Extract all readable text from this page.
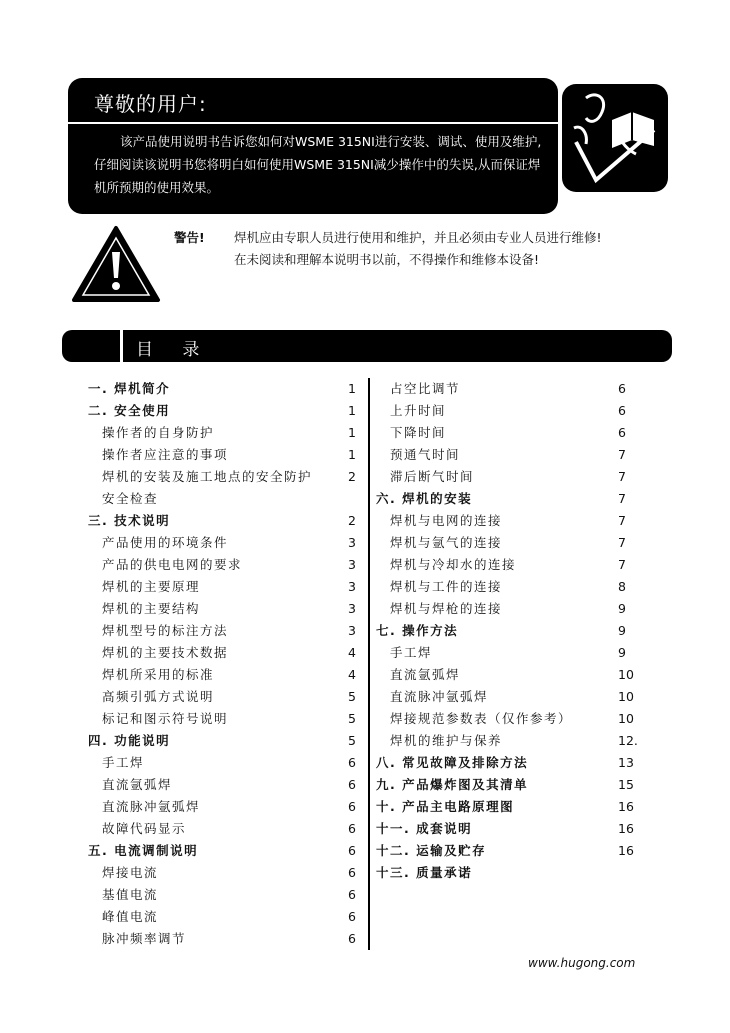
尊敬的用户:
该产品使用说明书告诉您如何对WSME 315NI进行安装、调试、使用及维护,
仔细阅读该说明书您将明白如何使用WSME 315NI减少操作中的失误,从而保证焊
机所预期的使用效果。
警告! 焊机应由专职人员进行使用和维护，并且必须由专业人员进行维修!
在未阅读和理解本说明书以前，不得操作和维修本设备!
目 录
一. 焊机简介	1
二. 安全使用	1
操作者的自身防护	1
操作者应注意的事项	1
焊机的安装及施工地点的安全防护	2
安全检查
三. 技术说明	2
产品使用的环境条件	3
产品的供电电网的要求	3
焊机的主要原理	3
焊机的主要结构	3
焊机型号的标注方法	3
焊机的主要技术数据	4
焊机所采用的标准	4
高频引弧方式说明	5
标记和图示符号说明	5
四. 功能说明	5
手工焊	6
直流氩弧焊	6
直流脉冲氩弧焊	6
故障代码显示	6
五. 电流调制说明	6
焊接电流	6
基值电流	6
峰值电流	6
脉冲频率调节	6
占空比调节	6
上升时间	6
下降时间	6
预通气时间	7
滞后断气时间	7
六. 焊机的安装	7
焊机与电网的连接	7
焊机与氩气的连接	7
焊机与冷却水的连接	7
焊机与工件的连接	8
焊机与焊枪的连接	9
七. 操作方法	9
手工焊	9
直流氩弧焊	10
直流脉冲氩弧焊	10
焊接规范参数表（仅作参考）	10
焊机的维护与保养	12.
八. 常见故障及排除方法	13
九. 产品爆炸图及其清单	15
十. 产品主电路原理图	16
十一. 成套说明	16
十二. 运输及贮存	16
十三. 质量承诺
www.hugong.com
